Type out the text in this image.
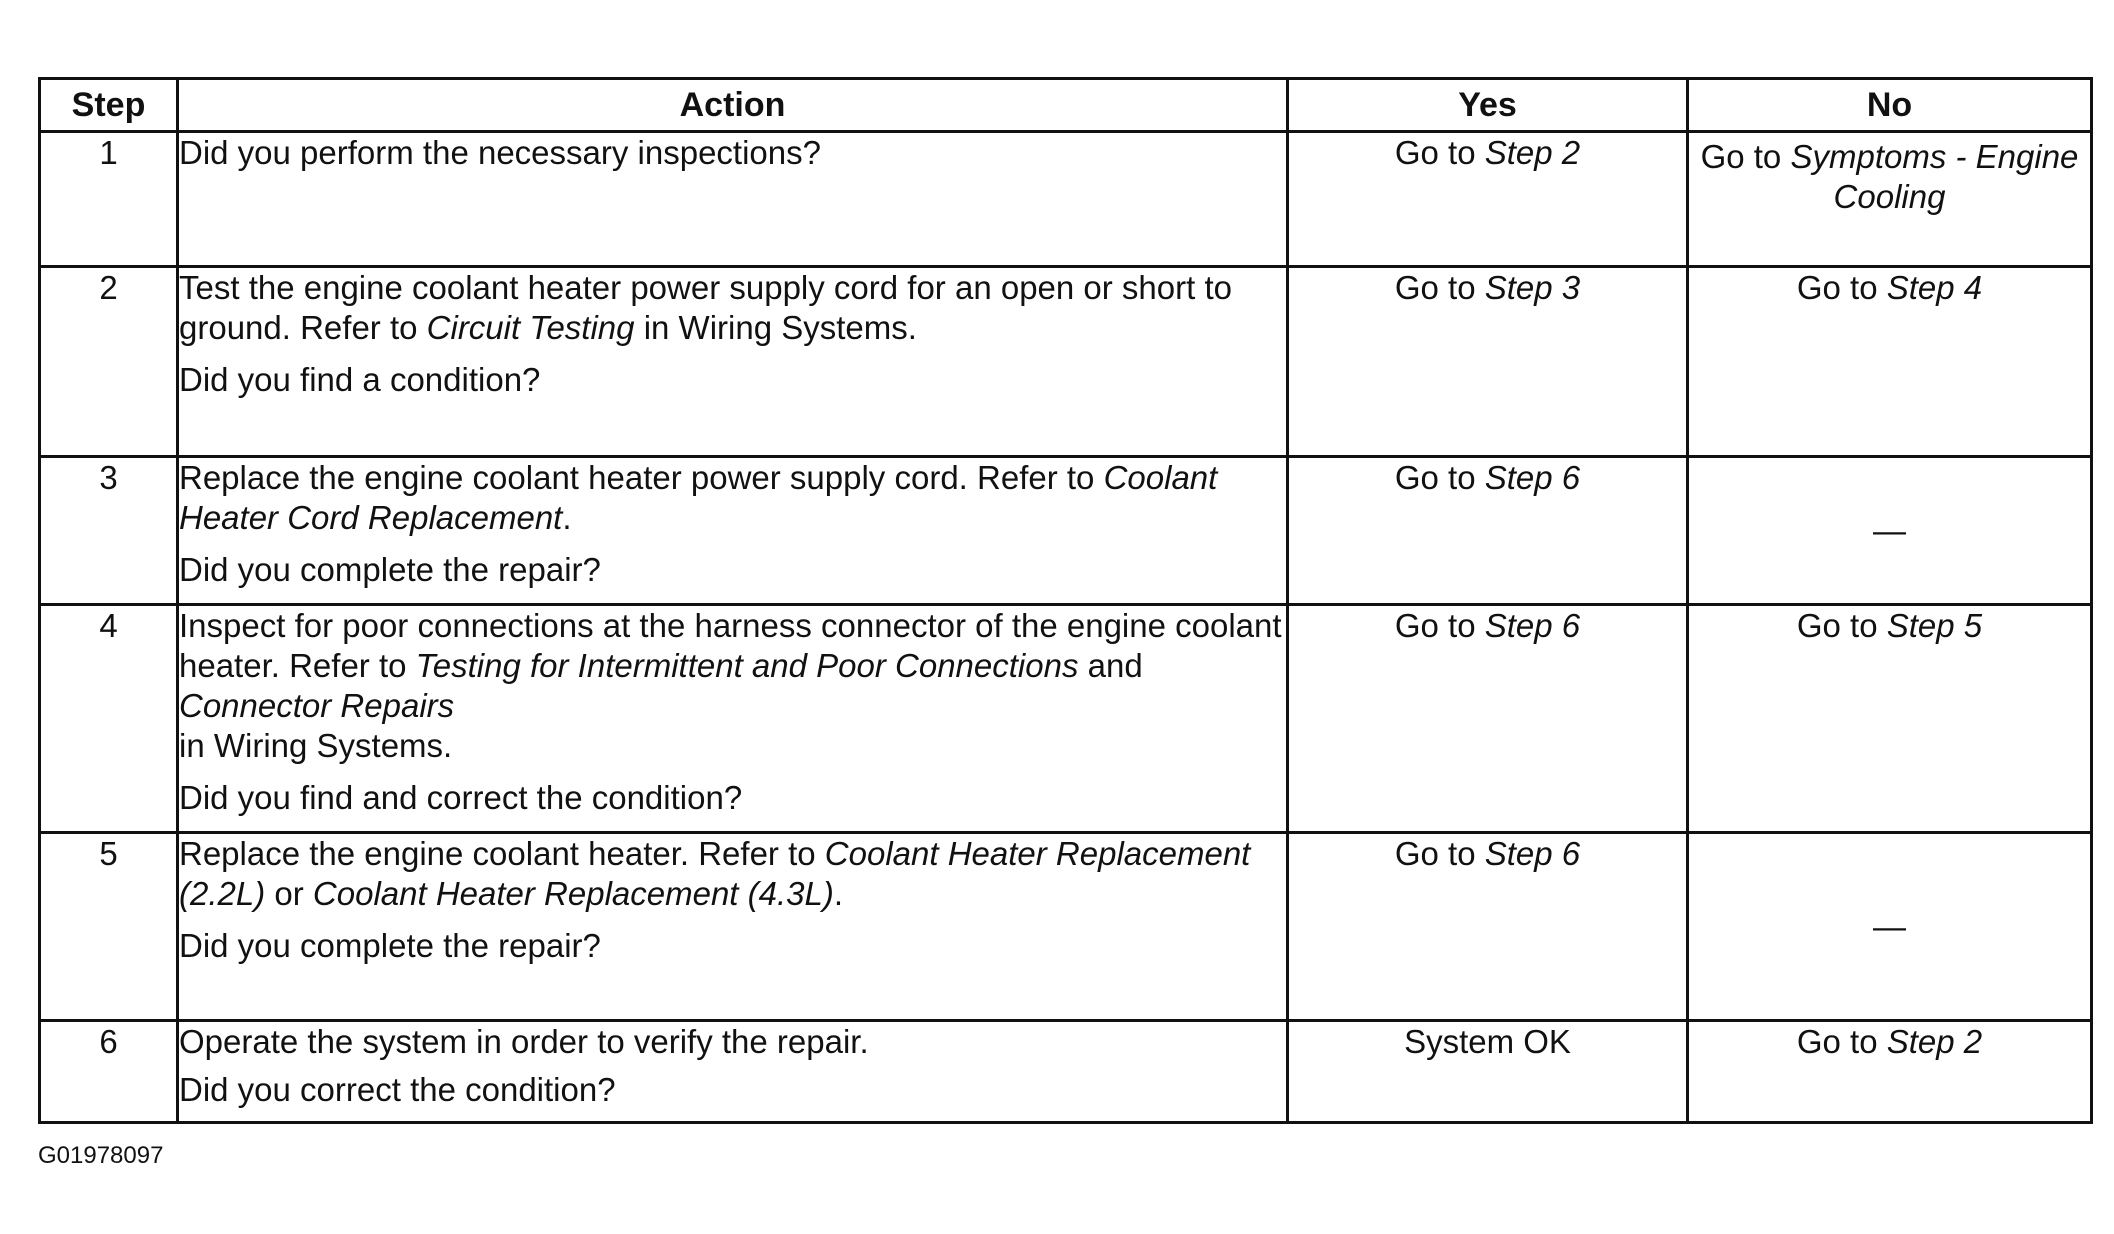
Step	Action	Yes	No
1	Did you perform the necessary inspections?	Go to Step 2	Go to Symptoms - Engine Cooling
2	Test the engine coolant heater power supply cord for an open or short to ground. Refer to Circuit Testing in Wiring Systems.

Did you find a condition?	Go to Step 3	Go to Step 4
3	Replace the engine coolant heater power supply cord. Refer to Coolant Heater Cord Replacement.

Did you complete the repair?	Go to Step 6	—
4	Inspect for poor connections at the harness connector of the engine coolant heater. Refer to Testing for Intermittent and Poor Connections and Connector Repairs
in Wiring Systems.

Did you find and correct the condition?	Go to Step 6	Go to Step 5
5	Replace the engine coolant heater. Refer to Coolant Heater Replacement (2.2L) or Coolant Heater Replacement (4.3L).

Did you complete the repair?	Go to Step 6	—
6	Operate the system in order to verify the repair.

Did you correct the condition?	System OK	Go to Step 2
G01978097
